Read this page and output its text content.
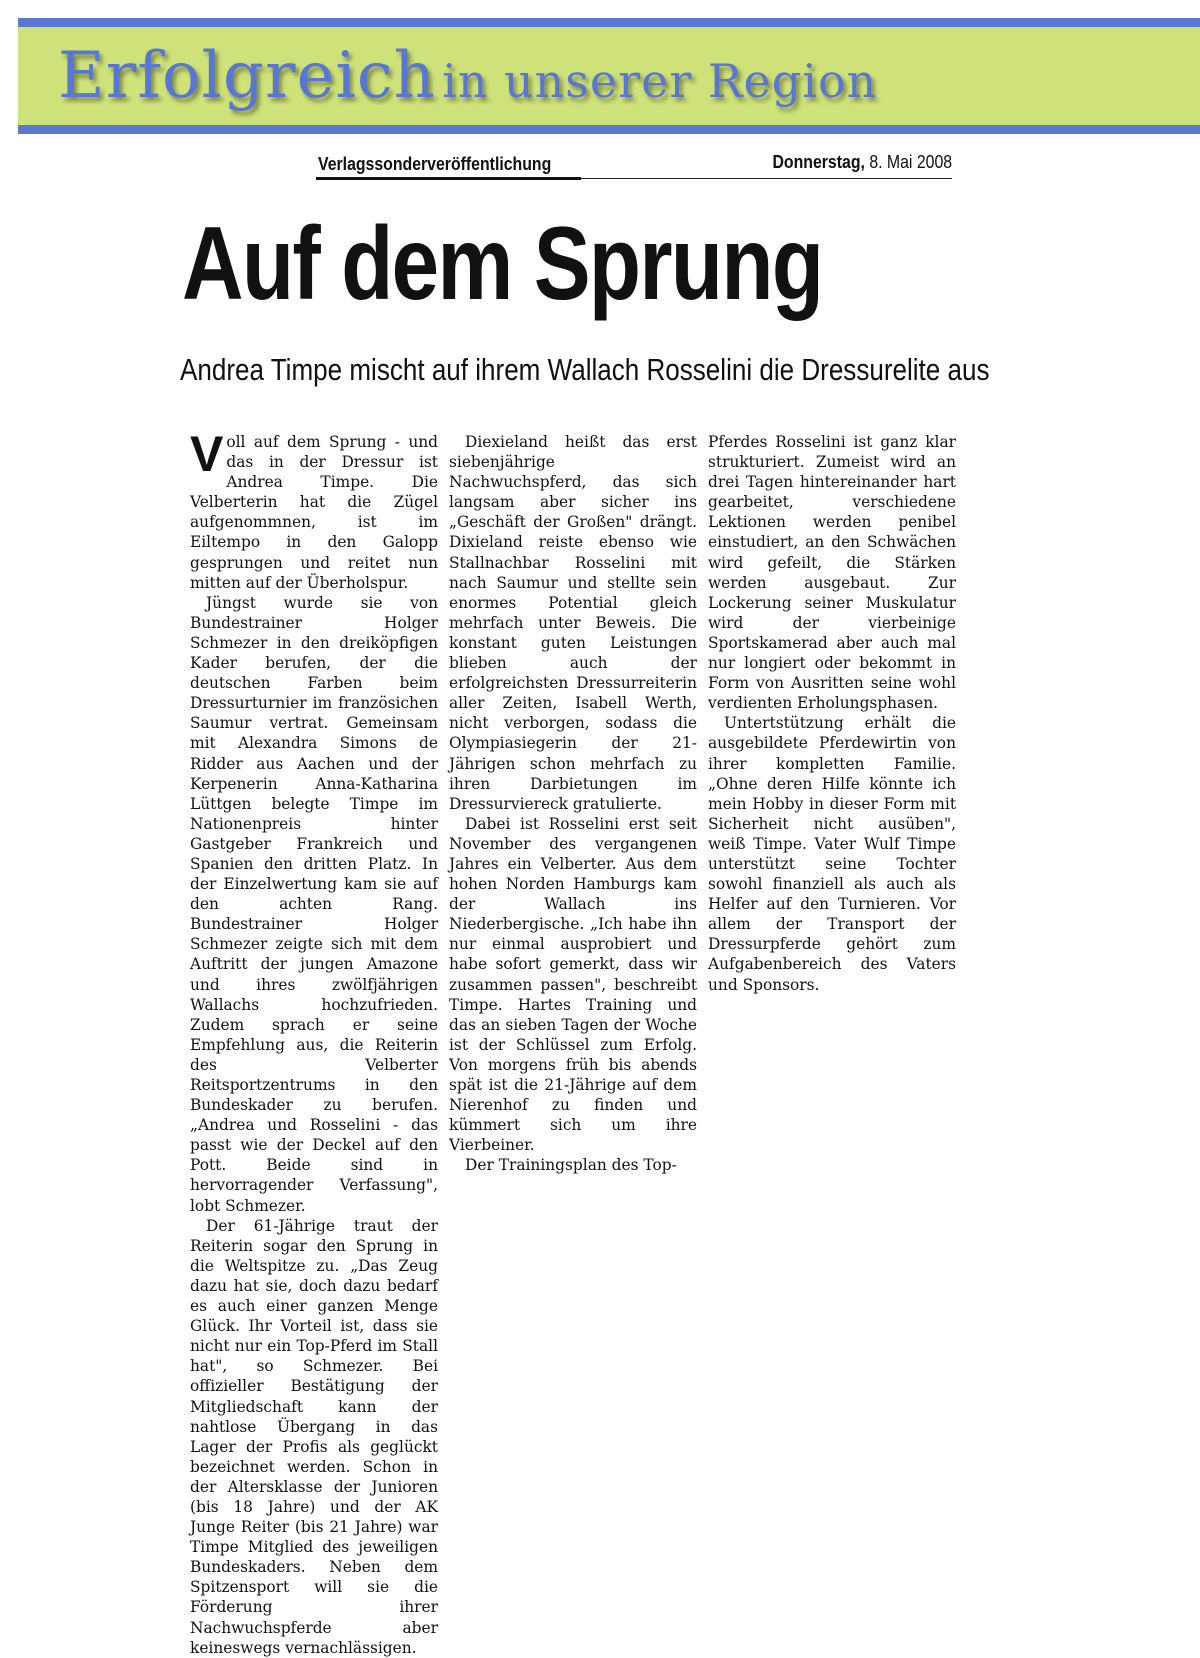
Erfolgreich in unserer Region
Verlagssonderveröffentlichung	Donnerstag, 8. Mai 2008
Auf dem Sprung
Andrea Timpe mischt auf ihrem Wallach Rosselini die Dressurelite aus

Voll auf dem Sprung - und das in der Dressur ist Andrea Timpe. Die Velberterin hat die Zügel aufgenommnen, ist im Eiltempo in den Galopp gesprungen und reitet nun mitten auf der Überholspur.

Jüngst wurde sie von Bundestrainer Holger Schmezer in den dreiköpfigen Kader berufen, der die deutschen Farben beim Dressurturnier im französichen Saumur vertrat. Gemeinsam mit Alexandra Simons de Ridder aus Aachen und der Kerpenerin Anna-Katharina Lüttgen belegte Timpe im Nationenpreis hinter Gastgeber Frankreich und Spanien den dritten Platz. In der Einzelwertung kam sie auf den achten Rang. Bundestrainer Holger Schmezer zeigte sich mit dem Auftritt der jungen Amazone und ihres zwölfjährigen Wallachs hochzufrieden. Zudem sprach er seine Empfehlung aus, die Reiterin des Velberter Reitsportzentrums in den Bundeskader zu berufen. „Andrea und Rosselini - das passt wie der Deckel auf den Pott. Beide sind in hervorragender Verfassung", lobt Schmezer.

Der 61-Jährige traut der Reiterin sogar den Sprung in die Weltspitze zu. „Das Zeug dazu hat sie, doch dazu bedarf es auch einer ganzen Menge Glück. Ihr Vorteil ist, dass sie nicht nur ein Top-Pferd im Stall hat", so Schmezer. Bei offizieller Bestätigung der Mitgliedschaft kann der nahtlose Übergang in das Lager der Profis als geglückt bezeichnet werden. Schon in der Altersklasse der Junioren (bis 18 Jahre) und der AK Junge Reiter (bis 21 Jahre) war Timpe Mitglied des jeweiligen Bundeskaders. Neben dem Spitzensport will sie die Förderung ihrer Nachwuchspferde aber keineswegs vernachlässigen.

Diexieland heißt das erst siebenjährige Nachwuchspferd, das sich langsam aber sicher ins „Geschäft der Großen" drängt. Dixieland reiste ebenso wie Stallnachbar Rosselini mit nach Saumur und stellte sein enormes Potential gleich mehrfach unter Beweis. Die konstant guten Leistungen blieben auch der erfolgreichsten Dressurreiterin aller Zeiten, Isabell Werth, nicht verborgen, sodass die Olympiasiegerin der 21-Jährigen schon mehrfach zu ihren Darbietungen im Dressurviereck gratulierte.

Dabei ist Rosselini erst seit November des vergangenen Jahres ein Velberter. Aus dem hohen Norden Hamburgs kam der Wallach ins Niederbergische. „Ich habe ihn nur einmal ausprobiert und habe sofort gemerkt, dass wir zusammen passen", beschreibt Timpe. Hartes Training und das an sieben Tagen der Woche ist der Schlüssel zum Erfolg. Von morgens früh bis abends spät ist die 21-Jährige auf dem Nierenhof zu finden und kümmert sich um ihre Vierbeiner.

Der Trainingsplan des Top-

Pferdes Rosselini ist ganz klar strukturiert. Zumeist wird an drei Tagen hintereinander hart gearbeitet, verschiedene Lektionen werden penibel einstudiert, an den Schwächen wird gefeilt, die Stärken werden ausgebaut. Zur Lockerung seiner Muskulatur wird der vierbeinige Sportskamerad aber auch mal nur longiert oder bekommt in Form von Ausritten seine wohl verdienten Erholungsphasen.

Untertstützung erhält die ausgebildete Pferdewirtin von ihrer kompletten Familie. „Ohne deren Hilfe könnte ich mein Hobby in dieser Form mit Sicherheit nicht ausüben", weiß Timpe. Vater Wulf Timpe unterstützt seine Tochter sowohl finanziell als auch als Helfer auf den Turnieren. Vor allem der Transport der Dressurpferde gehört zum Aufgabenbereich des Vaters und Sponsors.
